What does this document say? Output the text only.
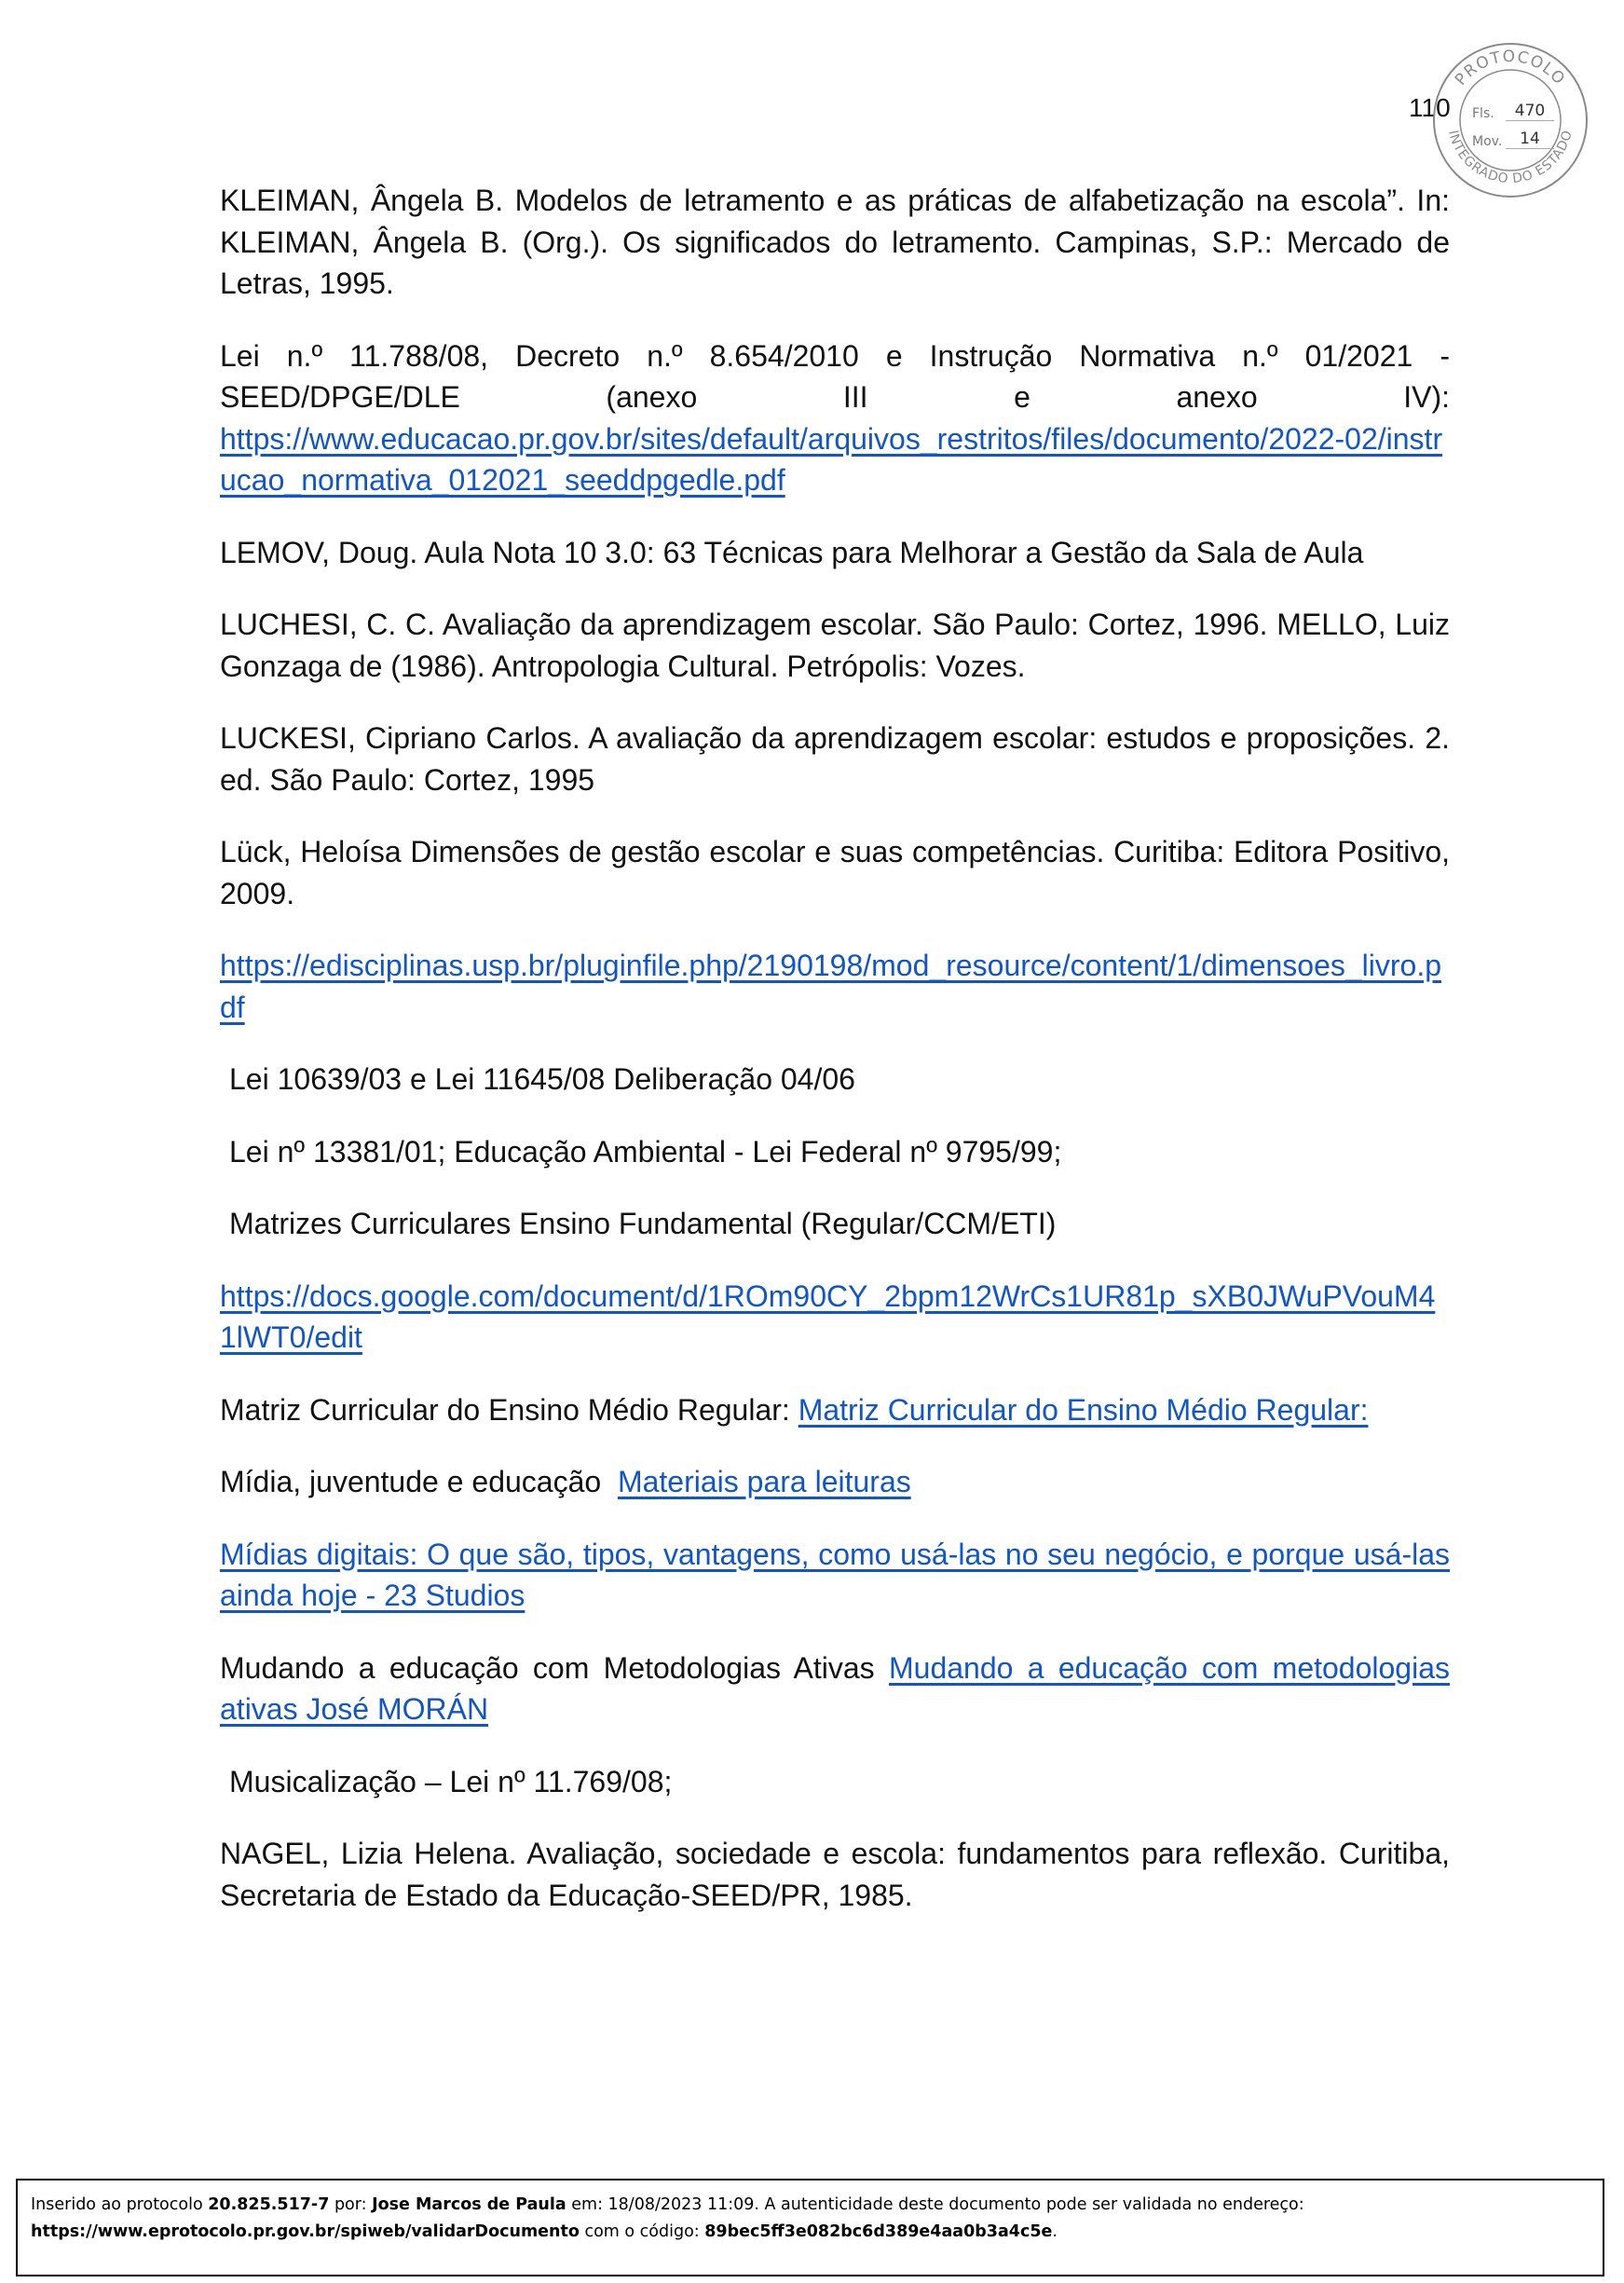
110
PROTOCOLO
INTEGRADO DO ESTADO
Fls.	470
Mov.	14

KLEIMAN, Ângela B. Modelos de letramento e as práticas de alfabetização na escola”. In: KLEIMAN, Ângela B. (Org.). Os significados do letramento. Campinas, S.P.: Mercado de Letras, 1995.

Lei n.º 11.788/08, Decreto n.º 8.654/2010 e Instrução Normativa n.º 01/2021 -
SEED/DPGE/DLE (anexo III e anexo IV):
https://www.educacao.pr.gov.br/sites/default/arquivos_restritos/files/documento/2022-02/instrucao_normativa_012021_seeddpgedle.pdf

LEMOV, Doug. Aula Nota 10 3.0: 63 Técnicas para Melhorar a Gestão da Sala de Aula

LUCHESI, C. C. Avaliação da aprendizagem escolar. São Paulo: Cortez, 1996. MELLO, Luiz Gonzaga de (1986). Antropologia Cultural. Petrópolis: Vozes.

LUCKESI, Cipriano Carlos. A avaliação da aprendizagem escolar: estudos e proposições. 2. ed. São Paulo: Cortez, 1995

Lück, Heloísa Dimensões de gestão escolar e suas competências. Curitiba: Editora Positivo, 2009.

https://edisciplinas.usp.br/pluginfile.php/2190198/mod_resource/content/1/dimensoes_livro.pdf

Lei 10639/03 e Lei 11645/08 Deliberação 04/06

Lei nº 13381/01; Educação Ambiental - Lei Federal nº 9795/99;

Matrizes Curriculares Ensino Fundamental (Regular/CCM/ETI)

https://docs.google.com/document/d/1ROm90CY_2bpm12WrCs1UR81p_sXB0JWuPVouM41lWT0/edit

Matriz Curricular do Ensino Médio Regular: Matriz Curricular do Ensino Médio Regular:

Mídia, juventude e educação  Materiais para leituras

Mídias digitais: O que são, tipos, vantagens, como usá-las no seu negócio, e porque usá-las ainda hoje - 23 Studios

Mudando a educação com Metodologias Ativas Mudando a educação com metodologias ativas José MORÁN

Musicalização – Lei nº 11.769/08;

NAGEL, Lizia Helena. Avaliação, sociedade e escola: fundamentos para reflexão. Curitiba, Secretaria de Estado da Educação-SEED/PR, 1985.

Inserido ao protocolo 20.825.517-7 por: Jose Marcos de Paula em: 18/08/2023 11:09. A autenticidade deste documento pode ser validada no endereço:
https://www.eprotocolo.pr.gov.br/spiweb/validarDocumento com o código: 89bec5ff3e082bc6d389e4aa0b3a4c5e.
